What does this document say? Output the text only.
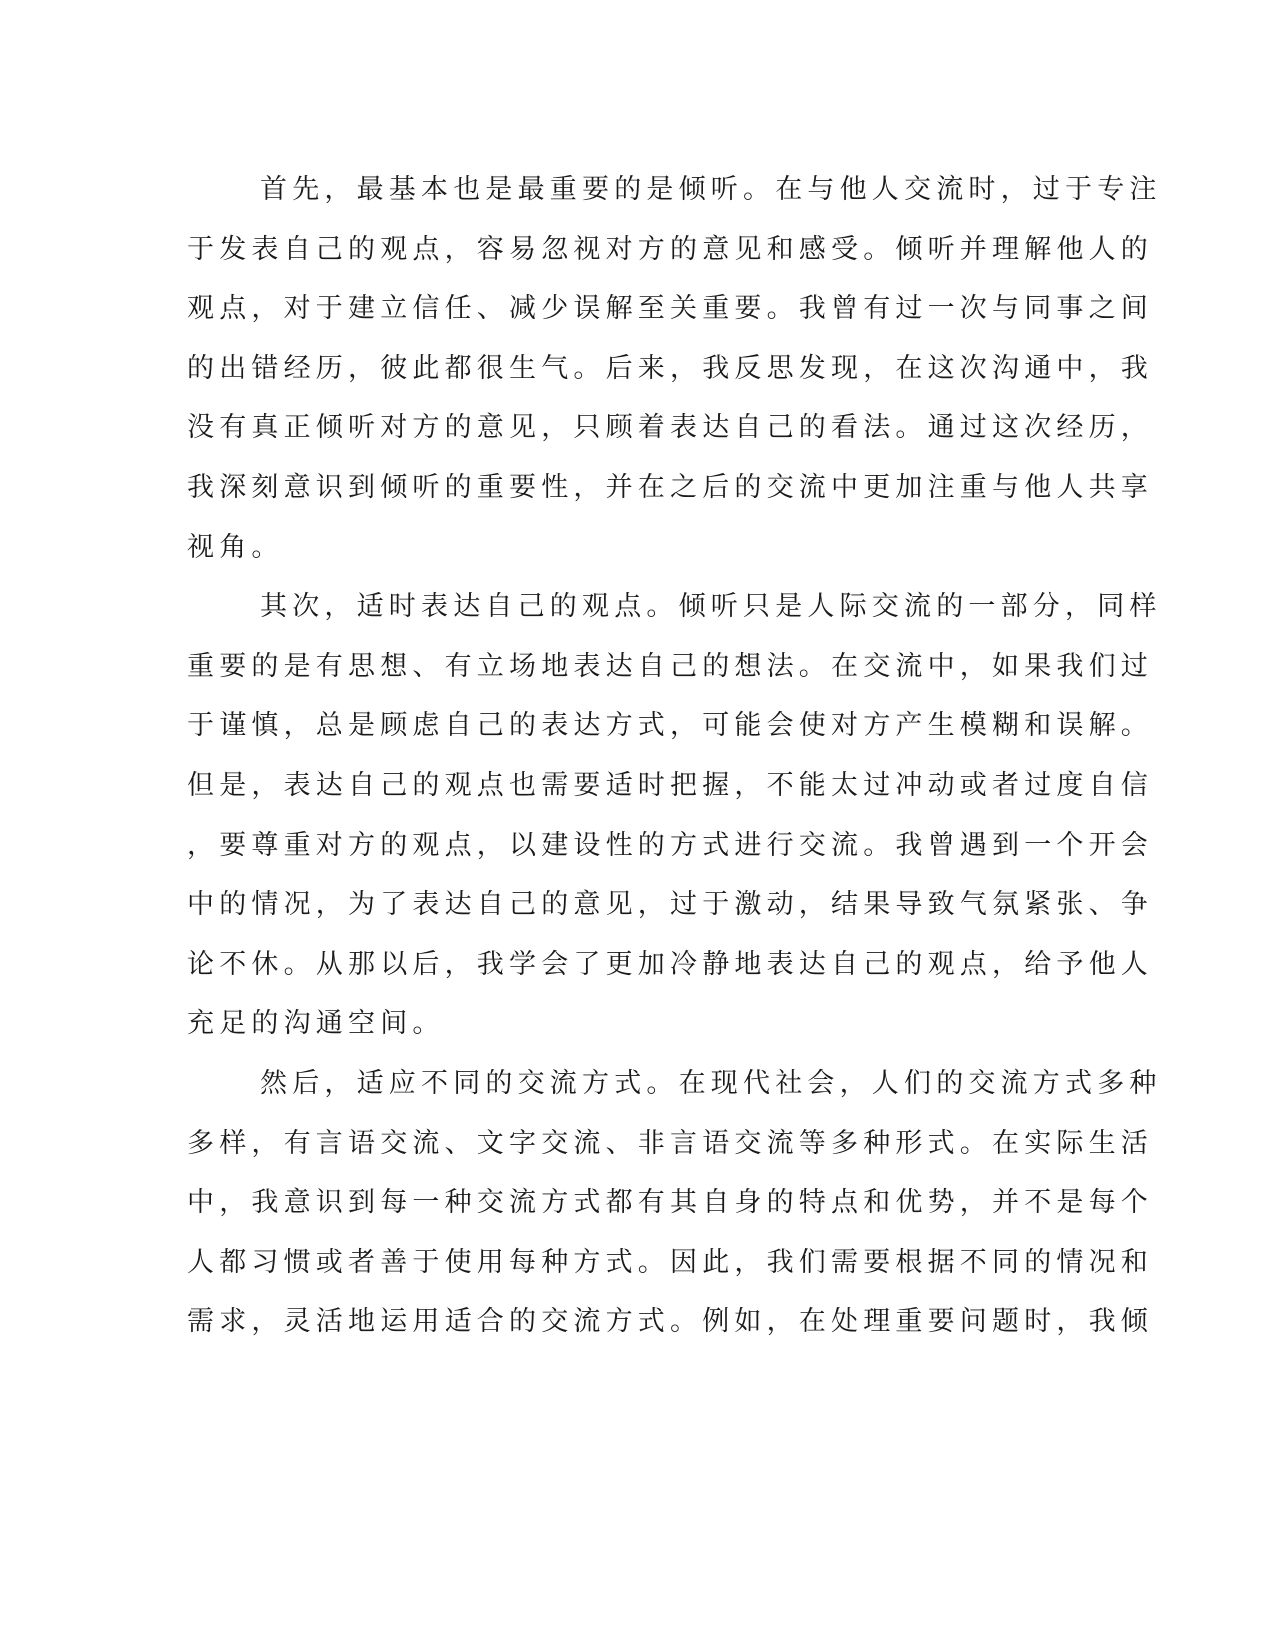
首先，最基本也是最重要的是倾听。在与他人交流时，过于专注
于发表自己的观点，容易忽视对方的意见和感受。倾听并理解他人的
观点，对于建立信任、减少误解至关重要。我曾有过一次与同事之间
的出错经历，彼此都很生气。后来，我反思发现，在这次沟通中，我
没有真正倾听对方的意见，只顾着表达自己的看法。通过这次经历，
我深刻意识到倾听的重要性，并在之后的交流中更加注重与他人共享
视角。
其次，适时表达自己的观点。倾听只是人际交流的一部分，同样
重要的是有思想、有立场地表达自己的想法。在交流中，如果我们过
于谨慎，总是顾虑自己的表达方式，可能会使对方产生模糊和误解。
但是，表达自己的观点也需要适时把握，不能太过冲动或者过度自信
，要尊重对方的观点，以建设性的方式进行交流。我曾遇到一个开会
中的情况，为了表达自己的意见，过于激动，结果导致气氛紧张、争
论不休。从那以后，我学会了更加冷静地表达自己的观点，给予他人
充足的沟通空间。
然后，适应不同的交流方式。在现代社会，人们的交流方式多种
多样，有言语交流、文字交流、非言语交流等多种形式。在实际生活
中，我意识到每一种交流方式都有其自身的特点和优势，并不是每个
人都习惯或者善于使用每种方式。因此，我们需要根据不同的情况和
需求，灵活地运用适合的交流方式。例如，在处理重要问题时，我倾
